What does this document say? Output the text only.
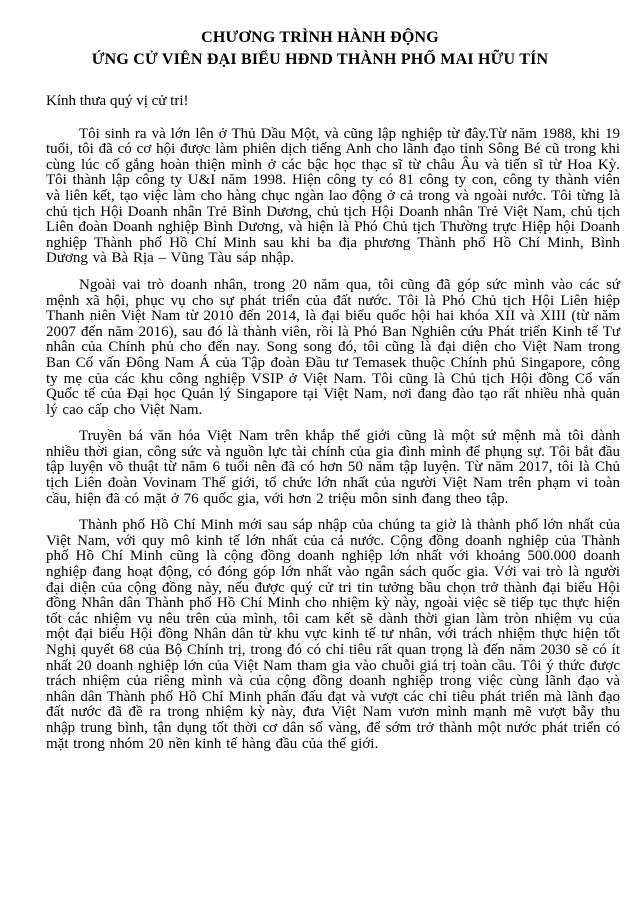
CHƯƠNG TRÌNH HÀNH ĐỘNG
ỨNG CỬ VIÊN ĐẠI BIỂU HĐND THÀNH PHỐ MAI HỮU TÍN
Kính thưa quý vị cử tri!

Tôi sinh ra và lớn lên ở Thủ Dầu Một, và cũng lập nghiệp từ đây.Từ năm 1988, khi 19 tuổi, tôi đã có cơ hội được làm phiên dịch tiếng Anh cho lãnh đạo tỉnh Sông Bé cũ trong khi cùng lúc cố gắng hoàn thiện mình ở các bậc học thạc sĩ từ châu Âu và tiến sĩ từ Hoa Kỳ. Tôi thành lập công ty U&I năm 1998. Hiện công ty có 81 công ty con, công ty thành viên và liên kết, tạo việc làm cho hàng chục ngàn lao động ở cả trong và ngoài nước. Tôi từng là chủ tịch Hội Doanh nhân Trẻ Bình Dương, chủ tịch Hội Doanh nhân Trẻ Việt Nam, chủ tịch Liên đoàn Doanh nghiệp Bình Dương, và hiện là Phó Chủ tịch Thường trực Hiệp hội Doanh nghiệp Thành phố Hồ Chí Minh sau khi ba địa phương Thành phố Hồ Chí Minh, Bình Dương và Bà Rịa – Vũng Tàu sáp nhập.

Ngoài vai trò doanh nhân, trong 20 năm qua, tôi cũng đã góp sức mình vào các sứ mệnh xã hội, phục vụ cho sự phát triển của đất nước. Tôi là Phó Chủ tịch Hội Liên hiệp Thanh niên Việt Nam từ 2010 đến 2014, là đại biểu quốc hội hai khóa XII và XIII (từ năm 2007 đến năm 2016), sau đó là thành viên, rồi là Phó Ban Nghiên cứu Phát triển Kinh tế Tư nhân của Chính phủ cho đến nay. Song song đó, tôi cũng là đại diện cho Việt Nam trong Ban Cố vấn Đông Nam Á của Tập đoàn Đầu tư Temasek thuộc Chính phủ Singapore, công ty mẹ của các khu công nghiệp VSIP ở Việt Nam. Tôi cũng là Chủ tịch Hội đồng Cố vấn Quốc tế của Đại học Quản lý Singapore tại Việt Nam, nơi đang đào tạo rất nhiều nhà quản lý cao cấp cho Việt Nam.

Truyền bá văn hóa Việt Nam trên khắp thế giới cũng là một sứ mệnh mà tôi dành nhiều thời gian, công sức và nguồn lực tài chính của gia đình mình để phụng sự. Tôi bắt đầu tập luyện võ thuật từ năm 6 tuổi nên đã có hơn 50 năm tập luyện. Từ năm 2017, tôi là Chủ tịch Liên đoàn Vovinam Thế giới, tổ chức lớn nhất của người Việt Nam trên phạm vi toàn cầu, hiện đã có mặt ở 76 quốc gia, với hơn 2 triệu môn sinh đang theo tập.

Thành phố Hồ Chí Minh mới sau sáp nhập của chúng ta giờ là thành phố lớn nhất của Việt Nam, với quy mô kinh tế lớn nhất của cả nước. Cộng đồng doanh nghiệp của Thành phố Hồ Chí Minh cũng là cộng đồng doanh nghiệp lớn nhất với khoảng 500.000 doanh nghiệp đang hoạt động, có đóng góp lớn nhất vào ngân sách quốc gia. Với vai trò là người đại diện của cộng đồng này, nếu được quý cử tri tin tưởng bầu chọn trở thành đại biểu Hội đồng Nhân dân Thành phố Hồ Chí Minh cho nhiệm kỳ này, ngoài việc sẽ tiếp tục thực hiện tốt các nhiệm vụ nêu trên của mình, tôi cam kết sẽ dành thời gian làm tròn nhiệm vụ của một đại biểu Hội đồng Nhân dân từ khu vực kinh tế tư nhân, với trách nhiệm thực hiện tốt Nghị quyết 68 của Bộ Chính trị, trong đó có chỉ tiêu rất quan trọng là đến năm 2030 sẽ có ít nhất 20 doanh nghiệp lớn của Việt Nam tham gia vào chuỗi giá trị toàn cầu. Tôi ý thức được trách nhiệm của riêng mình và của cộng đồng doanh nghiệp trong việc cùng lãnh đạo và nhân dân Thành phố Hồ Chí Minh phấn đấu đạt và vượt các chỉ tiêu phát triển mà lãnh đạo đất nước đã đề ra trong nhiệm kỳ này, đưa Việt Nam vươn mình mạnh mẽ vượt bẫy thu nhập trung bình, tận dụng tốt thời cơ dân số vàng, để sớm trở thành một nước phát triển có mặt trong nhóm 20 nền kinh tế hàng đầu của thế giới.
